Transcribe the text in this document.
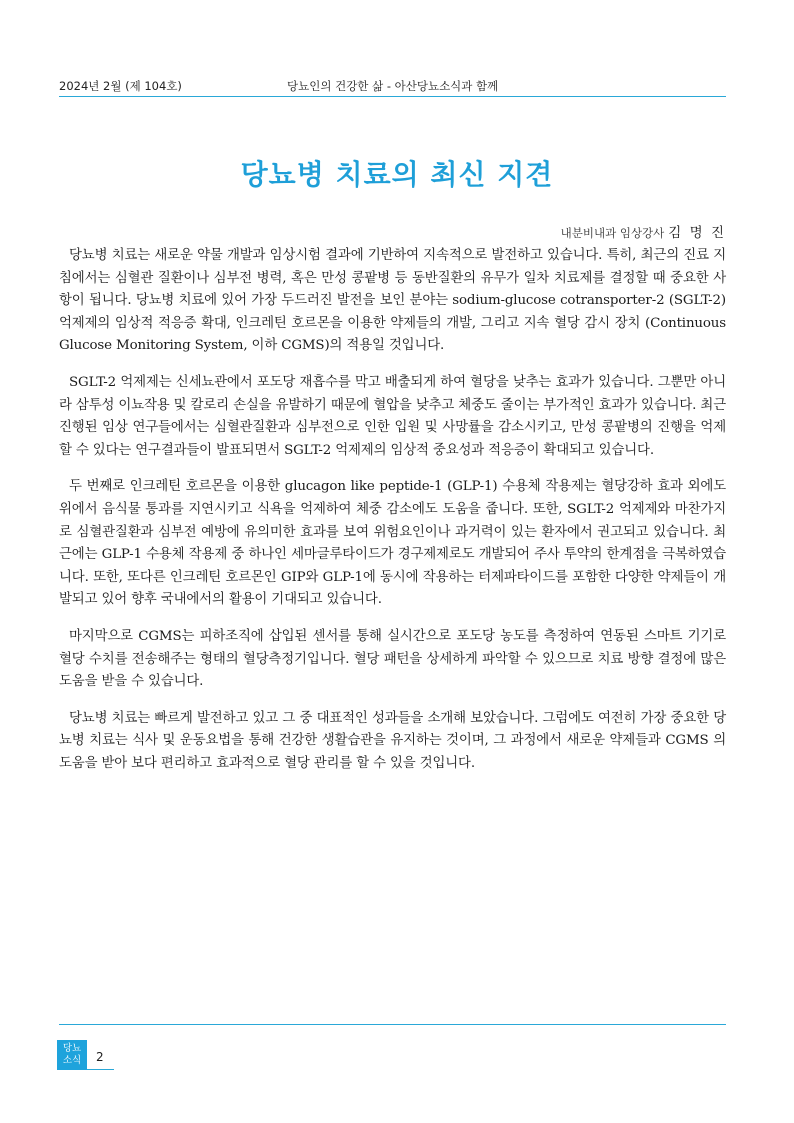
2024년 2월 (제 104호)	당뇨인의 건강한 삶 - 아산당뇨소식과 함께
당뇨병 치료의 최신 지견
내분비내과 임상강사 김 명 진

당뇨병 치료는 새로운 약물 개발과 임상시험 결과에 기반하여 지속적으로 발전하고 있습니다. 특히, 최근의 진료 지침에서는 심혈관 질환이나 심부전 병력, 혹은 만성 콩팥병 등 동반질환의 유무가 일차 치료제를 결정할 때 중요한 사항이 됩니다. 당뇨병 치료에 있어 가장 두드러진 발전을 보인 분야는 sodium-glucose cotransporter-2 (SGLT-2) 억제제의 임상적 적응증 확대, 인크레틴 호르몬을 이용한 약제들의 개발, 그리고 지속 혈당 감시 장치 (Continuous Glucose Monitoring System, 이하 CGMS)의 적용일 것입니다.

SGLT-2 억제제는 신세뇨관에서 포도당 재흡수를 막고 배출되게 하여 혈당을 낮추는 효과가 있습니다. 그뿐만 아니라 삼투성 이뇨작용 및 칼로리 손실을 유발하기 때문에 혈압을 낮추고 체중도 줄이는 부가적인 효과가 있습니다. 최근 진행된 임상 연구들에서는 심혈관질환과 심부전으로 인한 입원 및 사망률을 감소시키고, 만성 콩팥병의 진행을 억제할 수 있다는 연구결과들이 발표되면서 SGLT-2 억제제의 임상적 중요성과 적응증이 확대되고 있습니다.

두 번째로 인크레틴 호르몬을 이용한 glucagon like peptide-1 (GLP-1) 수용체 작용제는 혈당강하 효과 외에도 위에서 음식물 통과를 지연시키고 식욕을 억제하여 체중 감소에도 도움을 줍니다. 또한, SGLT-2 억제제와 마찬가지로 심혈관질환과 심부전 예방에 유의미한 효과를 보여 위험요인이나 과거력이 있는 환자에서 권고되고 있습니다. 최근에는 GLP-1 수용체 작용제 중 하나인 세마글루타이드가 경구제제로도 개발되어 주사 투약의 한계점을 극복하였습니다. 또한, 또다른 인크레틴 호르몬인 GIP와 GLP-1에 동시에 작용하는 터제파타이드를 포함한 다양한 약제들이 개발되고 있어 향후 국내에서의 활용이 기대되고 있습니다.

마지막으로 CGMS는 피하조직에 삽입된 센서를 통해 실시간으로 포도당 농도를 측정하여 연동된 스마트 기기로 혈당 수치를 전송해주는 형태의 혈당측정기입니다. 혈당 패턴을 상세하게 파악할 수 있으므로 치료 방향 결정에 많은 도움을 받을 수 있습니다.

당뇨병 치료는 빠르게 발전하고 있고 그 중 대표적인 성과들을 소개해 보았습니다. 그럼에도 여전히 가장 중요한 당뇨병 치료는 식사 및 운동요법을 통해 건강한 생활습관을 유지하는 것이며, 그 과정에서 새로운 약제들과 CGMS 의 도움을 받아 보다 편리하고 효과적으로 혈당 관리를 할 수 있을 것입니다.

당뇨
소식	2
